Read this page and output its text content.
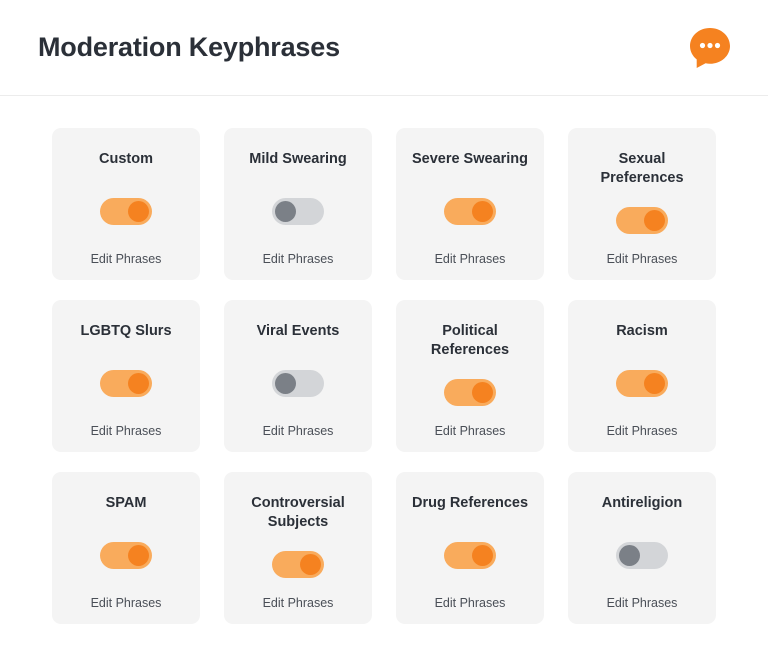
Moderation Keyphrases
Custom
Edit Phrases
Mild Swearing
Edit Phrases
Severe Swearing
Edit Phrases
Sexual Preferences
Edit Phrases
LGBTQ Slurs
Edit Phrases
Viral Events
Edit Phrases
Political References
Edit Phrases
Racism
Edit Phrases
SPAM
Edit Phrases
Controversial Subjects
Edit Phrases
Drug References
Edit Phrases
Antireligion
Edit Phrases
